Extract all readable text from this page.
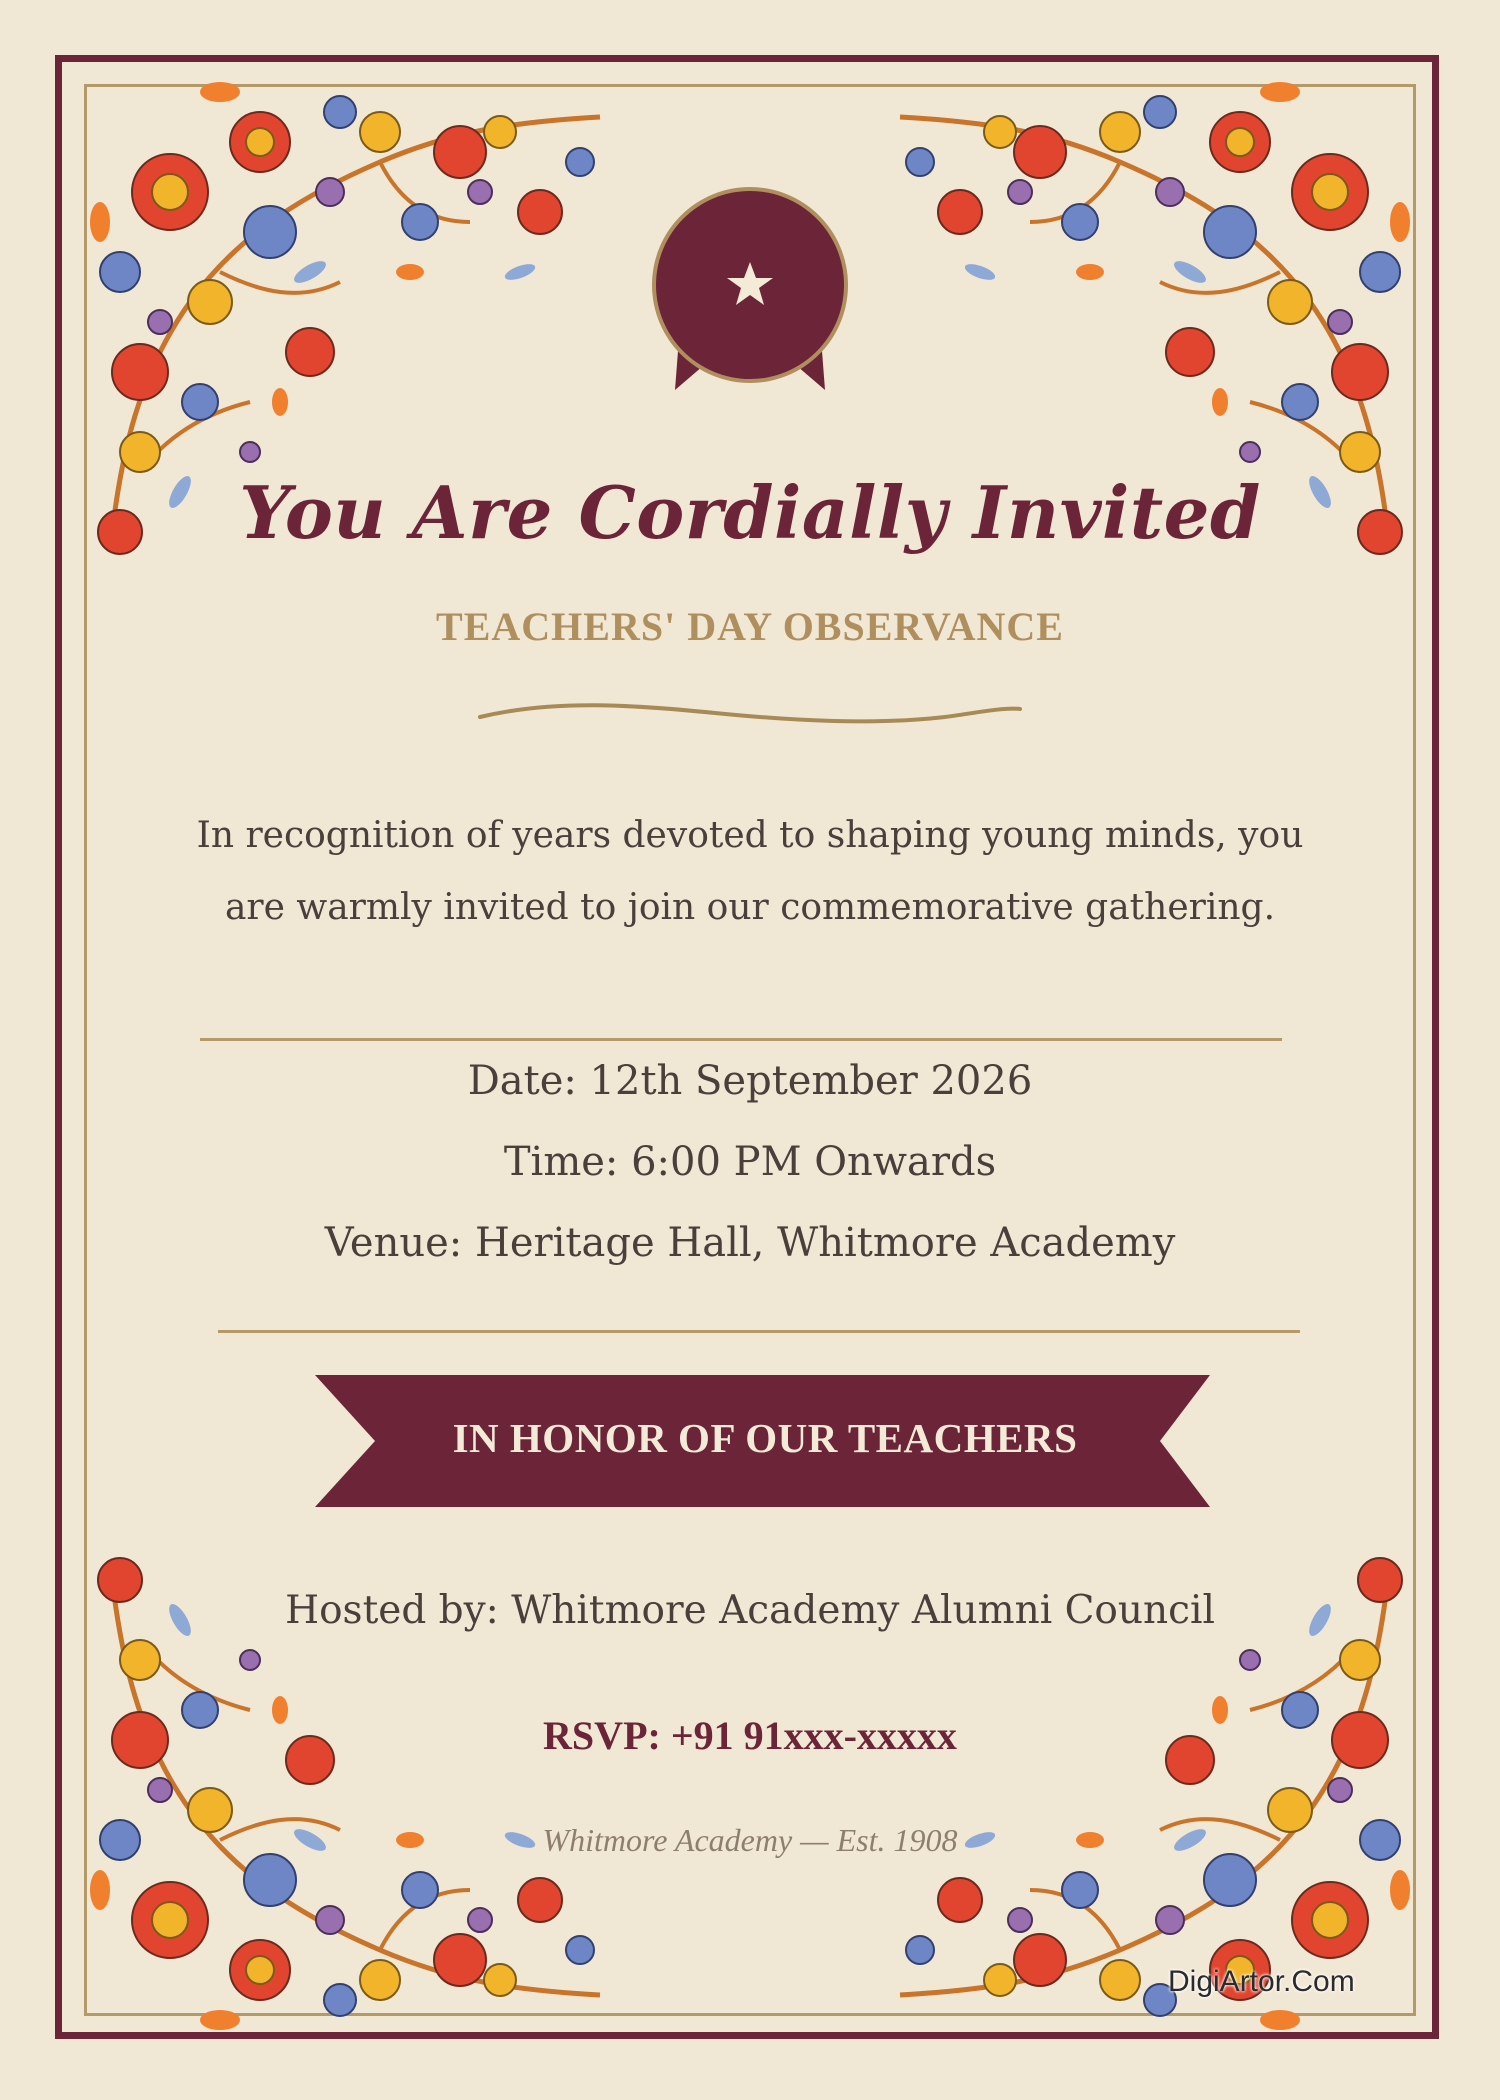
You Are Cordially Invited
TEACHERS' DAY OBSERVANCE
In recognition of years devoted to shaping young minds, you are warmly invited to join our commemorative gathering.
Date: 12th September 2026
Time: 6:00 PM Onwards
Venue: Heritage Hall, Whitmore Academy
IN HONOR OF OUR TEACHERS
Hosted by: Whitmore Academy Alumni Council
RSVP: +91 91xxx-xxxxx
Whitmore Academy — Est. 1908
DigiArtor.Com
